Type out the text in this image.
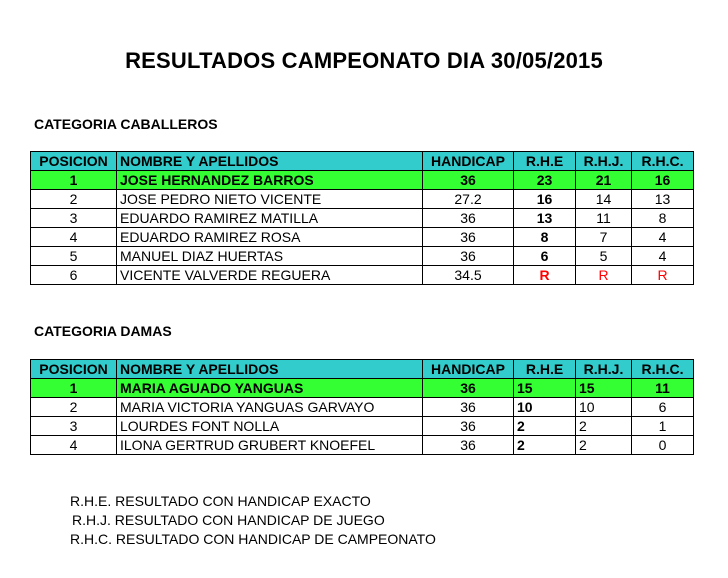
RESULTADOS CAMPEONATO DIA 30/05/2015
CATEGORIA CABALLEROS
POSICION	NOMBRE Y APELLIDOS	HANDICAP	R.H.E	R.H.J.	R.H.C.
1	JOSE HERNANDEZ BARROS	36	23	21	16
2	JOSE PEDRO NIETO VICENTE	27.2	16	14	13
3	EDUARDO RAMIREZ MATILLA	36	13	11	8
4	EDUARDO RAMIREZ ROSA	36	8	7	4
5	MANUEL DIAZ HUERTAS	36	6	5	4
6	VICENTE VALVERDE REGUERA	34.5	R	R	R
CATEGORIA DAMAS
POSICION	NOMBRE Y APELLIDOS	HANDICAP	R.H.E	R.H.J.	R.H.C.
1	MARIA AGUADO YANGUAS	36	15	15	11
2	MARIA VICTORIA YANGUAS GARVAYO	36	10	10	6
3	LOURDES FONT NOLLA	36	2	2	1
4	ILONA GERTRUD GRUBERT KNOEFEL	36	2	2	0
R.H.E. RESULTADO CON HANDICAP EXACTO
R.H.J. RESULTADO CON HANDICAP DE JUEGO
R.H.C. RESULTADO CON HANDICAP DE CAMPEONATO
